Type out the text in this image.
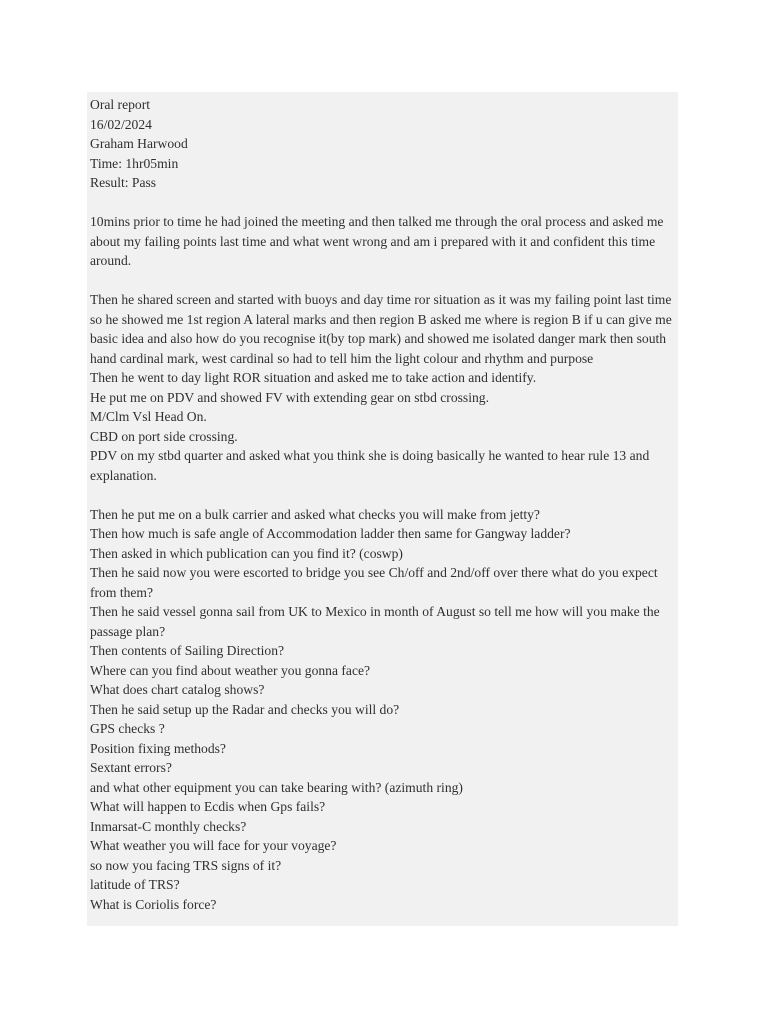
Oral report
16/02/2024
Graham Harwood
Time: 1hr05min
Result: Pass
10mins prior to time he had joined the meeting and then talked me through the oral process and asked me about my failing points last time and what went wrong and am i prepared with it and confident this time around.
Then he shared screen and started with buoys and day time ror situation as it was my failing point last time so he showed me 1st region A lateral marks and then region B asked me where is region B if u can give me basic idea and also how do you recognise it(by top mark) and showed me isolated danger mark then south hand cardinal mark, west cardinal so had to tell him the light colour and rhythm and purpose
Then he went to day light ROR situation and asked me to take action and identify.
He put me on PDV and showed FV with extending gear on stbd crossing.
M/Clm Vsl Head On.
CBD on port side crossing.
PDV on my stbd quarter and asked what you think she is doing basically he wanted to hear rule 13 and explanation.
Then he put me on a bulk carrier and asked what checks you will make from jetty?
Then how much is safe angle of Accommodation ladder then same for Gangway ladder?
Then asked in which publication can you find it? (coswp)
Then he said now you were escorted to bridge you see Ch/off and 2nd/off over there what do you expect from them?
Then he said vessel gonna sail from UK to Mexico in month of August so tell me how will you make the passage plan?
Then contents of Sailing Direction?
Where can you find about weather you gonna face?
What does chart catalog shows?
Then he said setup up the Radar and checks you will do?
GPS checks ?
Position fixing methods?
Sextant errors?
and what other equipment you can take bearing with? (azimuth ring)
What will happen to Ecdis when Gps fails?
Inmarsat-C monthly checks?
What weather you will face for your voyage?
so now you facing TRS signs of it?
latitude of TRS?
What is Coriolis force?
